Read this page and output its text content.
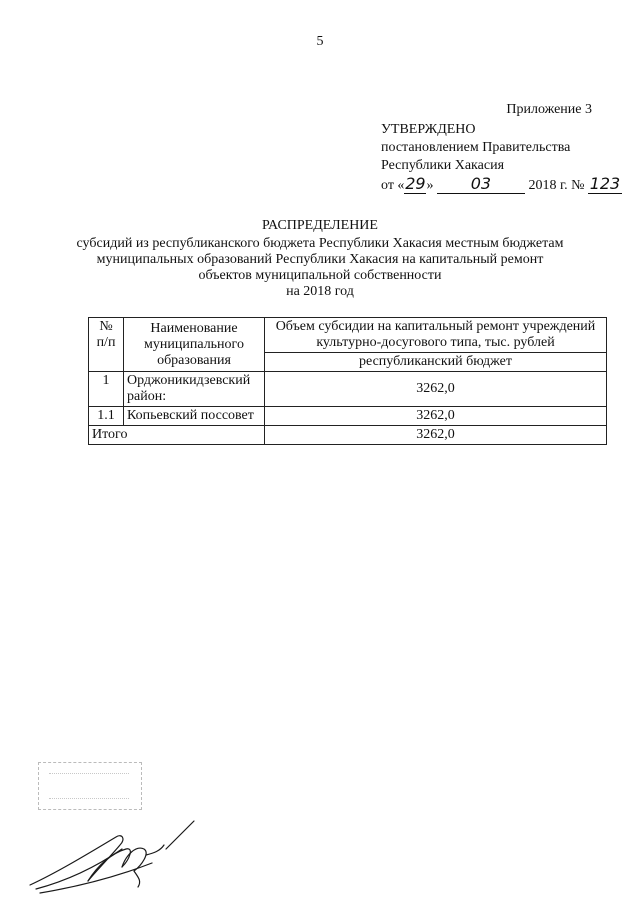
5
Приложение 3
УТВЕРЖДЕНО
постановлением Правительства
Республики Хакасия
от «29» 03	2018 г. № 123
РАСПРЕДЕЛЕНИЕ
субсидий из республиканского бюджета Республики Хакасия местным бюджетам
муниципальных образований Республики Хакасия на капитальный ремонт
объектов муниципальной собственности
на 2018 год
№ п/п	Наименование муниципального образования	Объем субсидии на капитальный ремонт учреждений культурно-досугового типа, тыс. рублей
		республиканский бюджет
1	Орджоникидзевский район:	3262,0
1.1	Копьевский поссовет	3262,0
Итого		3262,0
